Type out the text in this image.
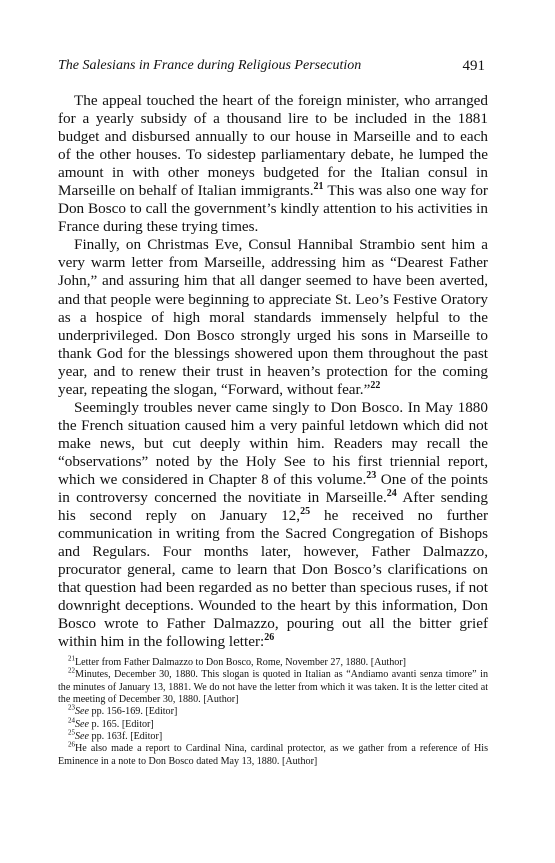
The Salesians in France during Religious Persecution	491

The appeal touched the heart of the foreign minister, who arranged for a yearly subsidy of a thousand lire to be included in the 1881 budget and disbursed annually to our house in Marseille and to each of the other houses. To sidestep parliamentary debate, he lumped the amount in with other moneys budgeted for the Italian consul in Marseille on behalf of Italian immigrants.$^{21}$ This was also one way for Don Bosco to call the government’s kindly attention to his activities in France during these trying times.

Finally, on Christmas Eve, Consul Hannibal Strambio sent him a very warm letter from Marseille, addressing him as “Dearest Father John,” and assuring him that all danger seemed to have been averted, and that people were beginning to appreciate St. Leo’s Festive Oratory as a hospice of high moral standards immensely helpful to the underprivileged. Don Bosco strongly urged his sons in Marseille to thank God for the blessings showered upon them throughout the past year, and to renew their trust in heaven’s protection for the coming year, repeating the slogan, “Forward, without fear.”$^{22}$

Seemingly troubles never came singly to Don Bosco. In May 1880 the French situation caused him a very painful letdown which did not make news, but cut deeply within him. Readers may recall the “observations” noted by the Holy See to his first triennial report, which we considered in Chapter 8 of this volume.$^{23}$ One of the points in controversy concerned the novitiate in Marseille.$^{24}$ After sending his second reply on January 12,25 he received no further communication in writing from the Sacred Congregation of Bishops and Regulars. Four months later, however, Father Dalmazzo, procurator general, came to learn that Don Bosco’s clarifications on that question had been regarded as no better than specious ruses, if not downright deceptions. Wounded to the heart by this information, Don Bosco wrote to Father Dalmazzo, pouring out all the bitter grief within him in the following letter:$^{26}$

$^{21}$Letter from Father Dalmazzo to Don Bosco, Rome, November 27, 1880. [Author]

$^{22}$Minutes, December 30, 1880. This slogan is quoted in Italian as “Andiamo avanti senza timore” in the minutes of January 13, 1881. We do not have the letter from which it was taken. It is the letter cited at the meeting of December 30, 1880. [Author]

$^{23}$See pp. 156-169. [Editor]

$^{24}$See p. 165. [Editor]

$^{25}$See pp. 163f. [Editor]

$^{26}$He also made a report to Cardinal Nina, cardinal protector, as we gather from a reference of His Eminence in a note to Don Bosco dated May 13, 1880. [Author]
